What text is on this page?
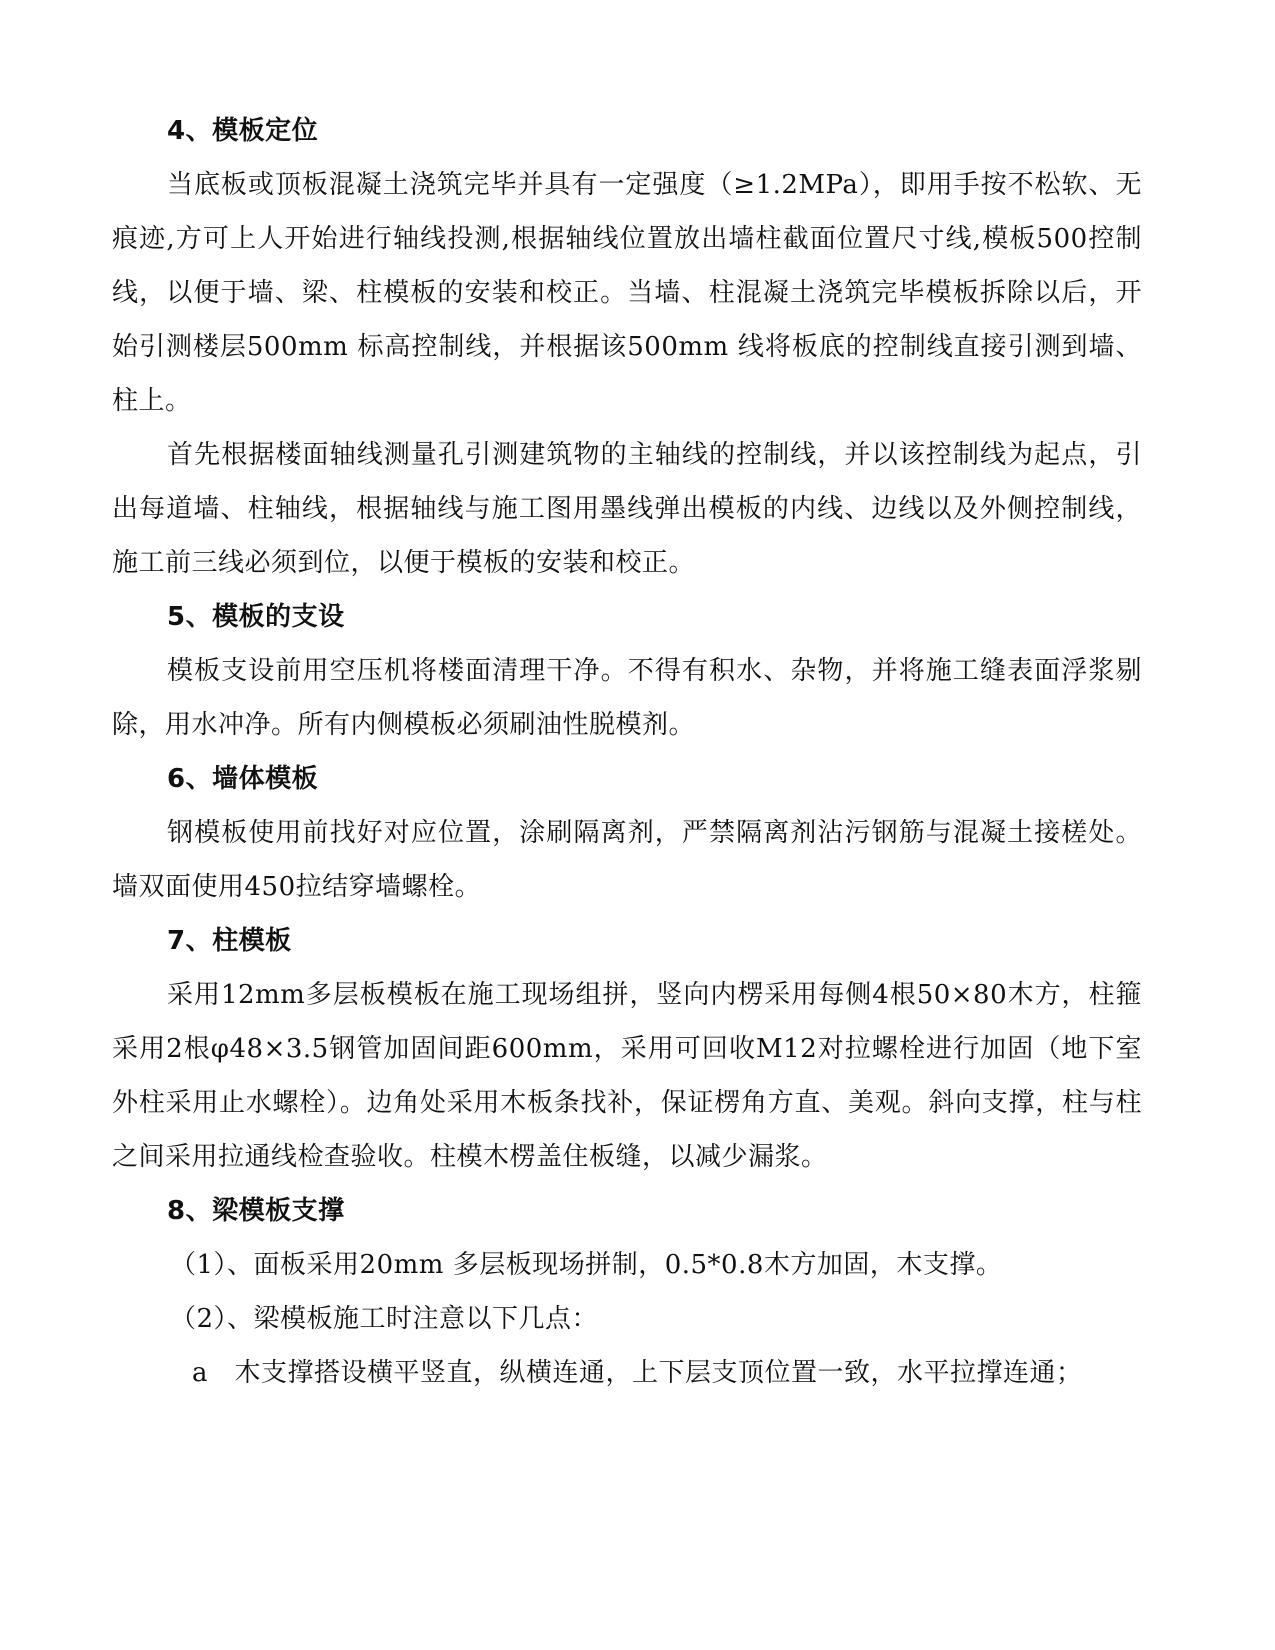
4、模板定位

当底板或顶板混凝土浇筑完毕并具有一定强度（≥1.2MPa），即用手按不松软、无痕迹,方可上人开始进行轴线投测,根据轴线位置放出墙柱截面位置尺寸线,模板500控制线，以便于墙、梁、柱模板的安装和校正。当墙、柱混凝土浇筑完毕模板拆除以后，开始引测楼层500mm 标高控制线，并根据该500mm 线将板底的控制线直接引测到墙、柱上。

首先根据楼面轴线测量孔引测建筑物的主轴线的控制线，并以该控制线为起点，引出每道墙、柱轴线，根据轴线与施工图用墨线弹出模板的内线、边线以及外侧控制线，施工前三线必须到位，以便于模板的安装和校正。

5、模板的支设

模板支设前用空压机将楼面清理干净。不得有积水、杂物，并将施工缝表面浮浆剔除，用水冲净。所有内侧模板必须刷油性脱模剂。

6、墙体模板

钢模板使用前找好对应位置，涂刷隔离剂，严禁隔离剂沾污钢筋与混凝土接槎处。墙双面使用450拉结穿墙螺栓。

7、柱模板

采用12mm多层板模板在施工现场组拼，竖向内楞采用每侧4根50×80木方，柱箍采用2根φ48×3.5钢管加固间距600mm，采用可回收M12对拉螺栓进行加固（地下室外柱采用止水螺栓）。边角处采用木板条找补，保证楞角方直、美观。斜向支撑，柱与柱之间采用拉通线检查验收。柱模木楞盖住板缝，以减少漏浆。

8、梁模板支撑

（1）、面板采用20mm 多层板现场拼制，0.5*0.8木方加固，木支撑。

（2）、梁模板施工时注意以下几点：

a　木支撑搭设横平竖直，纵横连通，上下层支顶位置一致，水平拉撑连通；
